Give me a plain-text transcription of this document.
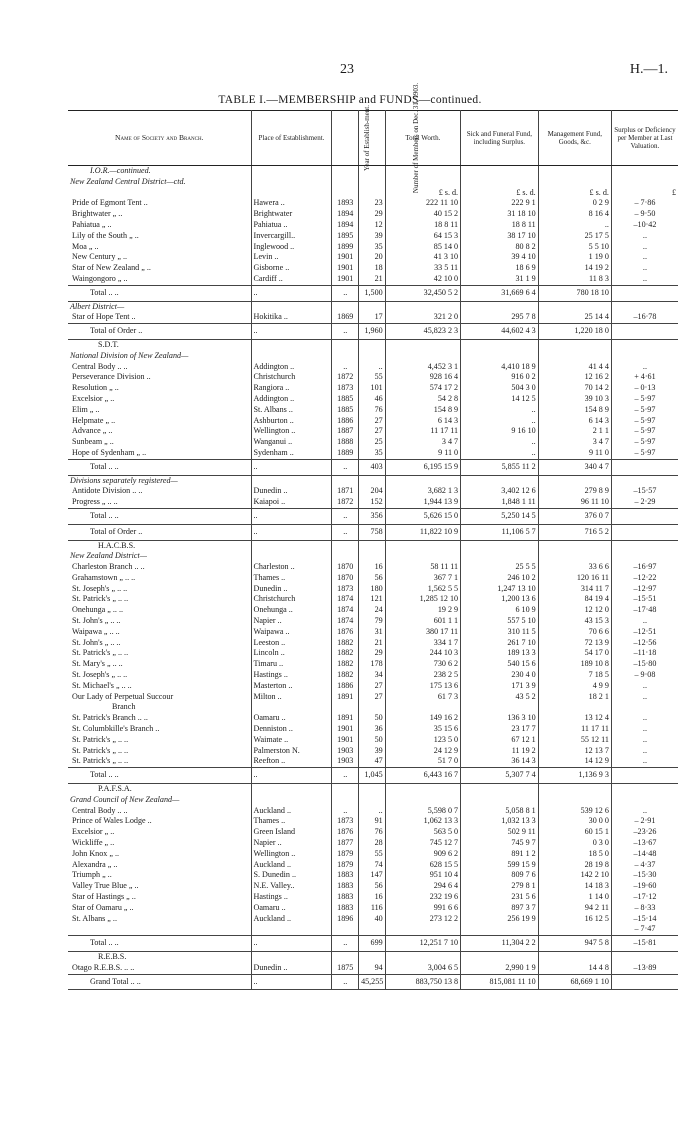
23	H.—1.
TABLE I.—MEMBERSHIP and FUNDS—continued.
Name of Society and Branch.	Place of Establishment.	Year of Establish-ment.	Number of Members on Dec. 31, 1903.	Total Worth.	Sick and Funeral Fund, including Surplus.	Management Fund, Goods, &c.	Surplus or Deficiency per Member at Last Valuation.
I.O.R.—continued.							
New Zealand Central District—ctd.							
				£ s. d.	£ s. d.	£ s. d.	£
Pride of Egmont Tent ..	Hawera ..	1893	23	222 11 10	222 9 1	0 2 9	– 7·86
Brightwater „ ..	Brightwater	1894	29	40 15 2	31 18 10	8 16 4	– 9·50
Pahiatua „ ..	Pahiatua ..	1894	12	18 8 11	18 8 11	..	–10·42
Lily of the South „ ..	Invercargill..	1895	39	64 15 3	38 17 10	25 17 5	..
Moa „ ..	Inglewood ..	1899	35	85 14 0	80 8 2	5 5 10	..
New Century „ ..	Levin ..	1901	20	41 3 10	39 4 10	1 19 0	..
Star of New Zealand „ ..	Gisborne ..	1901	18	33 5 11	18 6 9	14 19 2	..
Waingongoro „ ..	Cardiff ..	1901	21	42 10 0	31 1 9	11 8 3	..
Total .. ..	..	..	1,500	32,450 5 2	31,669 6 4	780 18 10	
Albert District—							
Star of Hope Tent ..	Hokitika ..	1869	17	321 2 0	295 7 8	25 14 4	–16·78
Total of Order ..	..	..	1,960	45,823 2 3	44,602 4 3	1,220 18 0	
S.D.T.							
National Division of New Zealand—							
Central Body .. ..	Addington ..	..	..	4,452 3 1	4,410 18 9	41 4 4	..
Perseverance Division ..	Christchurch	1872	55	928 16 4	916 0 2	12 16 2	+ 4·61
Resolution „ ..	Rangiora ..	1873	101	574 17 2	504 3 0	70 14 2	– 0·13
Excelsior „ ..	Addington ..	1885	46	54 2 8	14 12 5	39 10 3	– 5·97
Elim „ ..	St. Albans ..	1885	76	154 8 9	..	154 8 9	– 5·97
Helpmate „ ..	Ashburton ..	1886	27	6 14 3	..	6 14 3	– 5·97
Advance „ ..	Wellington ..	1887	27	11 17 11	9 16 10	2 1 1	– 5·97
Sunbeam „ ..	Wanganui ..	1888	25	3 4 7	..	3 4 7	– 5·97
Hope of Sydenham „ ..	Sydenham ..	1889	35	9 11 0	..	9 11 0	– 5·97
Total .. ..	..	..	403	6,195 15 9	5,855 11 2	340 4 7	
Divisions separately registered—							
Antidote Division .. ..	Dunedin ..	1871	204	3,682 1 3	3,402 12 6	279 8 9	–15·57
Progress „ .. ..	Kaiapoi ..	1872	152	1,944 13 9	1,848 1 11	96 11 10	– 2·29
Total .. ..	..	..	356	5,626 15 0	5,250 14 5	376 0 7	
Total of Order ..	..	..	758	11,822 10 9	11,106 5 7	716 5 2	
H.A.C.B.S.							
New Zealand District—							
Charleston Branch .. ..	Charleston ..	1870	16	58 11 11	25 5 5	33 6 6	–16·97
Grahamstown „ .. ..	Thames ..	1870	56	367 7 1	246 10 2	120 16 11	–12·22
St. Joseph's „ .. ..	Dunedin ..	1873	180	1,562 5 5	1,247 13 10	314 11 7	–12·97
St. Patrick's „ .. ..	Christchurch	1874	121	1,285 12 10	1,200 13 6	84 19 4	–15·51
Onehunga „ .. ..	Onehunga ..	1874	24	19 2 9	6 10 9	12 12 0	–17·48
St. John's „ .. ..	Napier ..	1874	79	601 1 1	557 5 10	43 15 3	..
Waipawa „ .. ..	Waipawa ..	1876	31	380 17 11	310 11 5	70 6 6	–12·51
St. John's „ .. ..	Leeston ..	1882	21	334 1 7	261 7 10	72 13 9	–12·56
St. Patrick's „ .. ..	Lincoln ..	1882	29	244 10 3	189 13 3	54 17 0	–11·18
St. Mary's „ .. ..	Timaru ..	1882	178	730 6 2	540 15 6	189 10 8	–15·80
St. Joseph's „ .. ..	Hastings ..	1882	34	238 2 5	230 4 0	7 18 5	– 9·08
St. Michael's „ .. ..	Masterton ..	1886	27	175 13 6	171 3 9	4 9 9	..
Our Lady of Perpetual Succour	Milton ..	1891	27	61 7 3	43 5 2	18 2 1	..
Branch							
St. Patrick's Branch .. ..	Oamaru ..	1891	50	149 16 2	136 3 10	13 12 4	..
St. Columbkille's Branch ..	Denniston ..	1901	36	35 15 6	23 17 7	11 17 11	..
St. Patrick's „ .. ..	Waimate ..	1901	50	123 5 0	67 12 1	55 12 11	..
St. Patrick's „ .. ..	Palmerston N.	1903	39	24 12 9	11 19 2	12 13 7	..
St. Patrick's „ .. ..	Reefton ..	1903	47	51 7 0	36 14 3	14 12 9	..
Total .. ..	..	..	1,045	6,443 16 7	5,307 7 4	1,136 9 3	
P.A.F.S.A.							
Grand Council of New Zealand—							
Central Body .. ..	Auckland ..	..	..	5,598 0 7	5,058 8 1	539 12 6	..
Prince of Wales Lodge ..	Thames ..	1873	91	1,062 13 3	1,032 13 3	30 0 0	– 2·91
Excelsior „ ..	Green Island	1876	76	563 5 0	502 9 11	60 15 1	–23·26
Wickliffe „ ..	Napier ..	1877	28	745 12 7	745 9 7	0 3 0	–13·67
John Knox „ ..	Wellington ..	1879	55	909 6 2	891 1 2	18 5 0	–14·48
Alexandra „ ..	Auckland ..	1879	74	628 15 5	599 15 9	28 19 8	– 4·37
Triumph „ ..	S. Dunedin ..	1883	147	951 10 4	809 7 6	142 2 10	–15·30
Valley True Blue „ ..	N.E. Valley..	1883	56	294 6 4	279 8 1	14 18 3	–19·60
Star of Hastings „ ..	Hastings ..	1883	16	232 19 6	231 5 6	1 14 0	–17·12
Star of Oamaru „ ..	Oamaru ..	1883	116	991 6 6	897 3 7	94 2 11	– 8·33
St. Albans „ ..	Auckland ..	1896	40	273 12 2	256 19 9	16 12 5	–15·14
							– 7·47
Total .. ..	..	..	699	12,251 7 10	11,304 2 2	947 5 8	–15·81
R.E.B.S.							
Otago R.E.B.S. .. ..	Dunedin ..	1875	94	3,004 6 5	2,990 1 9	14 4 8	–13·89
Grand Total .. ..	..	..	45,255	883,750 13 8	815,081 11 10	68,669 1 10	
